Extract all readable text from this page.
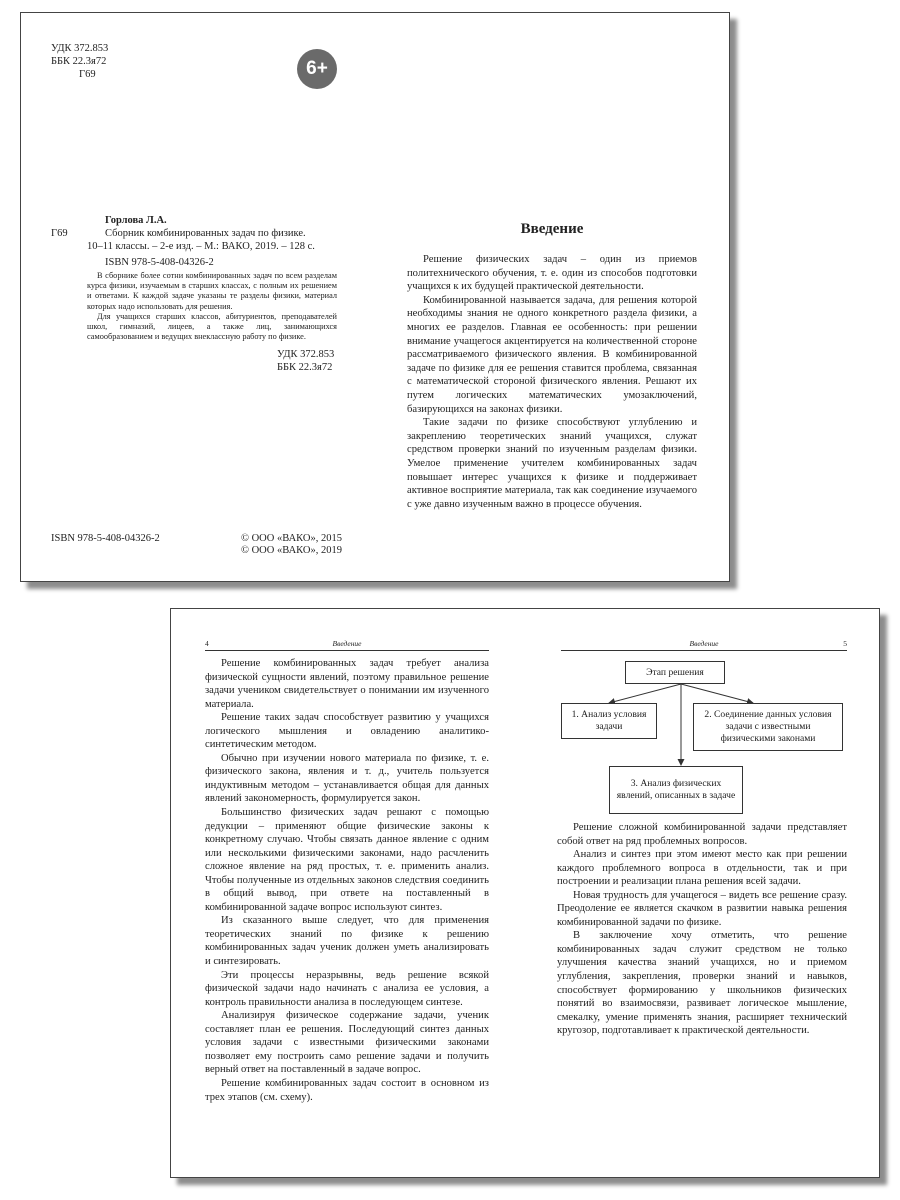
УДК 372.853
ББК 22.3я72
Г69	6+
Горлова Л.А.
Г69	Сборник комбинированных задач по физике.
10–11 классы. – 2-е изд. – М.: ВАКО, 2019. – 128 с.
ISBN 978-5-408-04326-2

В сборнике более сотни комбинированных задач по всем разделам курса физики, изучаемым в старших классах, с полным их решением и ответами. К каждой задаче указаны те разделы физики, материал которых надо использовать для решения.

Для учащихся старших классов, абитуриентов, преподавателей школ, гимназий, лицеев, а также лиц, занимающихся самообразованием и ведущих внеклассную работу по физике.

УДК 372.853
ББК 22.3я72
ISBN 978-5-408-04326-2	© ООО «ВАКО», 2015
© ООО «ВАКО», 2019
Введение

Решение физических задач – один из приемов политехнического обучения, т. е. один из способов подготовки учащихся к их будущей практической деятельности.

Комбинированной называется задача, для решения которой необходимы знания не одного конкретного раздела физики, а многих ее разделов. Главная ее особенность: при решении внимание учащегося акцентируется на количественной стороне рассматриваемого физического явления. В комбинированной задаче по физике для ее решения ставится проблема, связанная с математической стороной физического явления. Решают их путем логических математических умозаключений, базирующихся на законах физики.

Такие задачи по физике способствуют углублению и закреплению теоретических знаний учащихся, служат средством проверки знаний по изученным разделам физики. Умелое применение учителем комбинированных задач повышает интерес учащихся к физике и поддерживает активное восприятие материала, так как соединение изучаемого с уже давно изученным важно в процессе обучения.

4	Введение

Решение комбинированных задач требует анализа физической сущности явлений, поэтому правильное решение задачи учеником свидетельствует о понимании им изученного материала.

Решение таких задач способствует развитию у учащихся логического мышления и овладению аналитико-синтетическим методом.

Обычно при изучении нового материала по физике, т. е. физического закона, явления и т. д., учитель пользуется индуктивным методом – устанавливается общая для данных явлений закономерность, формулируется закон.

Большинство физических задач решают с помощью дедукции – применяют общие физические законы к конкретному случаю. Чтобы связать данное явление с одним или несколькими физическими законами, надо расчленить сложное явление на ряд простых, т. е. применить анализ. Чтобы полученные из отдельных законов следствия соединить в общий вывод, при ответе на поставленный в комбинированной задаче вопрос используют синтез.

Из сказанного выше следует, что для применения теоретических знаний по физике к решению комбинированных задач ученик должен уметь анализировать и синтезировать.

Эти процессы неразрывны, ведь решение всякой физической задачи надо начинать с анализа ее условия, а контроль правильности анализа в последующем синтезе.

Анализируя физическое содержание задачи, ученик составляет план ее решения. Последующий синтез данных условия задачи с известными физическими законами позволяет ему построить само решение задачи и получить верный ответ на поставленный в задаче вопрос.

Решение комбинированных задач состоит в основном из трех этапов (см. схему).

Введение	5
Этап решения
1. Анализ условия задачи
2. Соединение данных условия задачи с известными физическими законами
3. Анализ физических явлений, описанных в задаче

Решение сложной комбинированной задачи представляет собой ответ на ряд проблемных вопросов.

Анализ и синтез при этом имеют место как при решении каждого проблемного вопроса в отдельности, так и при построении и реализации плана решения всей задачи.

Новая трудность для учащегося – видеть все решение сразу. Преодоление ее является скачком в развитии навыка решения комбинированной задачи по физике.

В заключение хочу отметить, что решение комбинированных задач служит средством не только улучшения качества знаний учащихся, но и приемом углубления, закрепления, проверки знаний и навыков, способствует формированию у школьников физических понятий во взаимосвязи, развивает логическое мышление, смекалку, умение применять знания, расширяет технический кругозор, подготавливает к практической деятельности.
